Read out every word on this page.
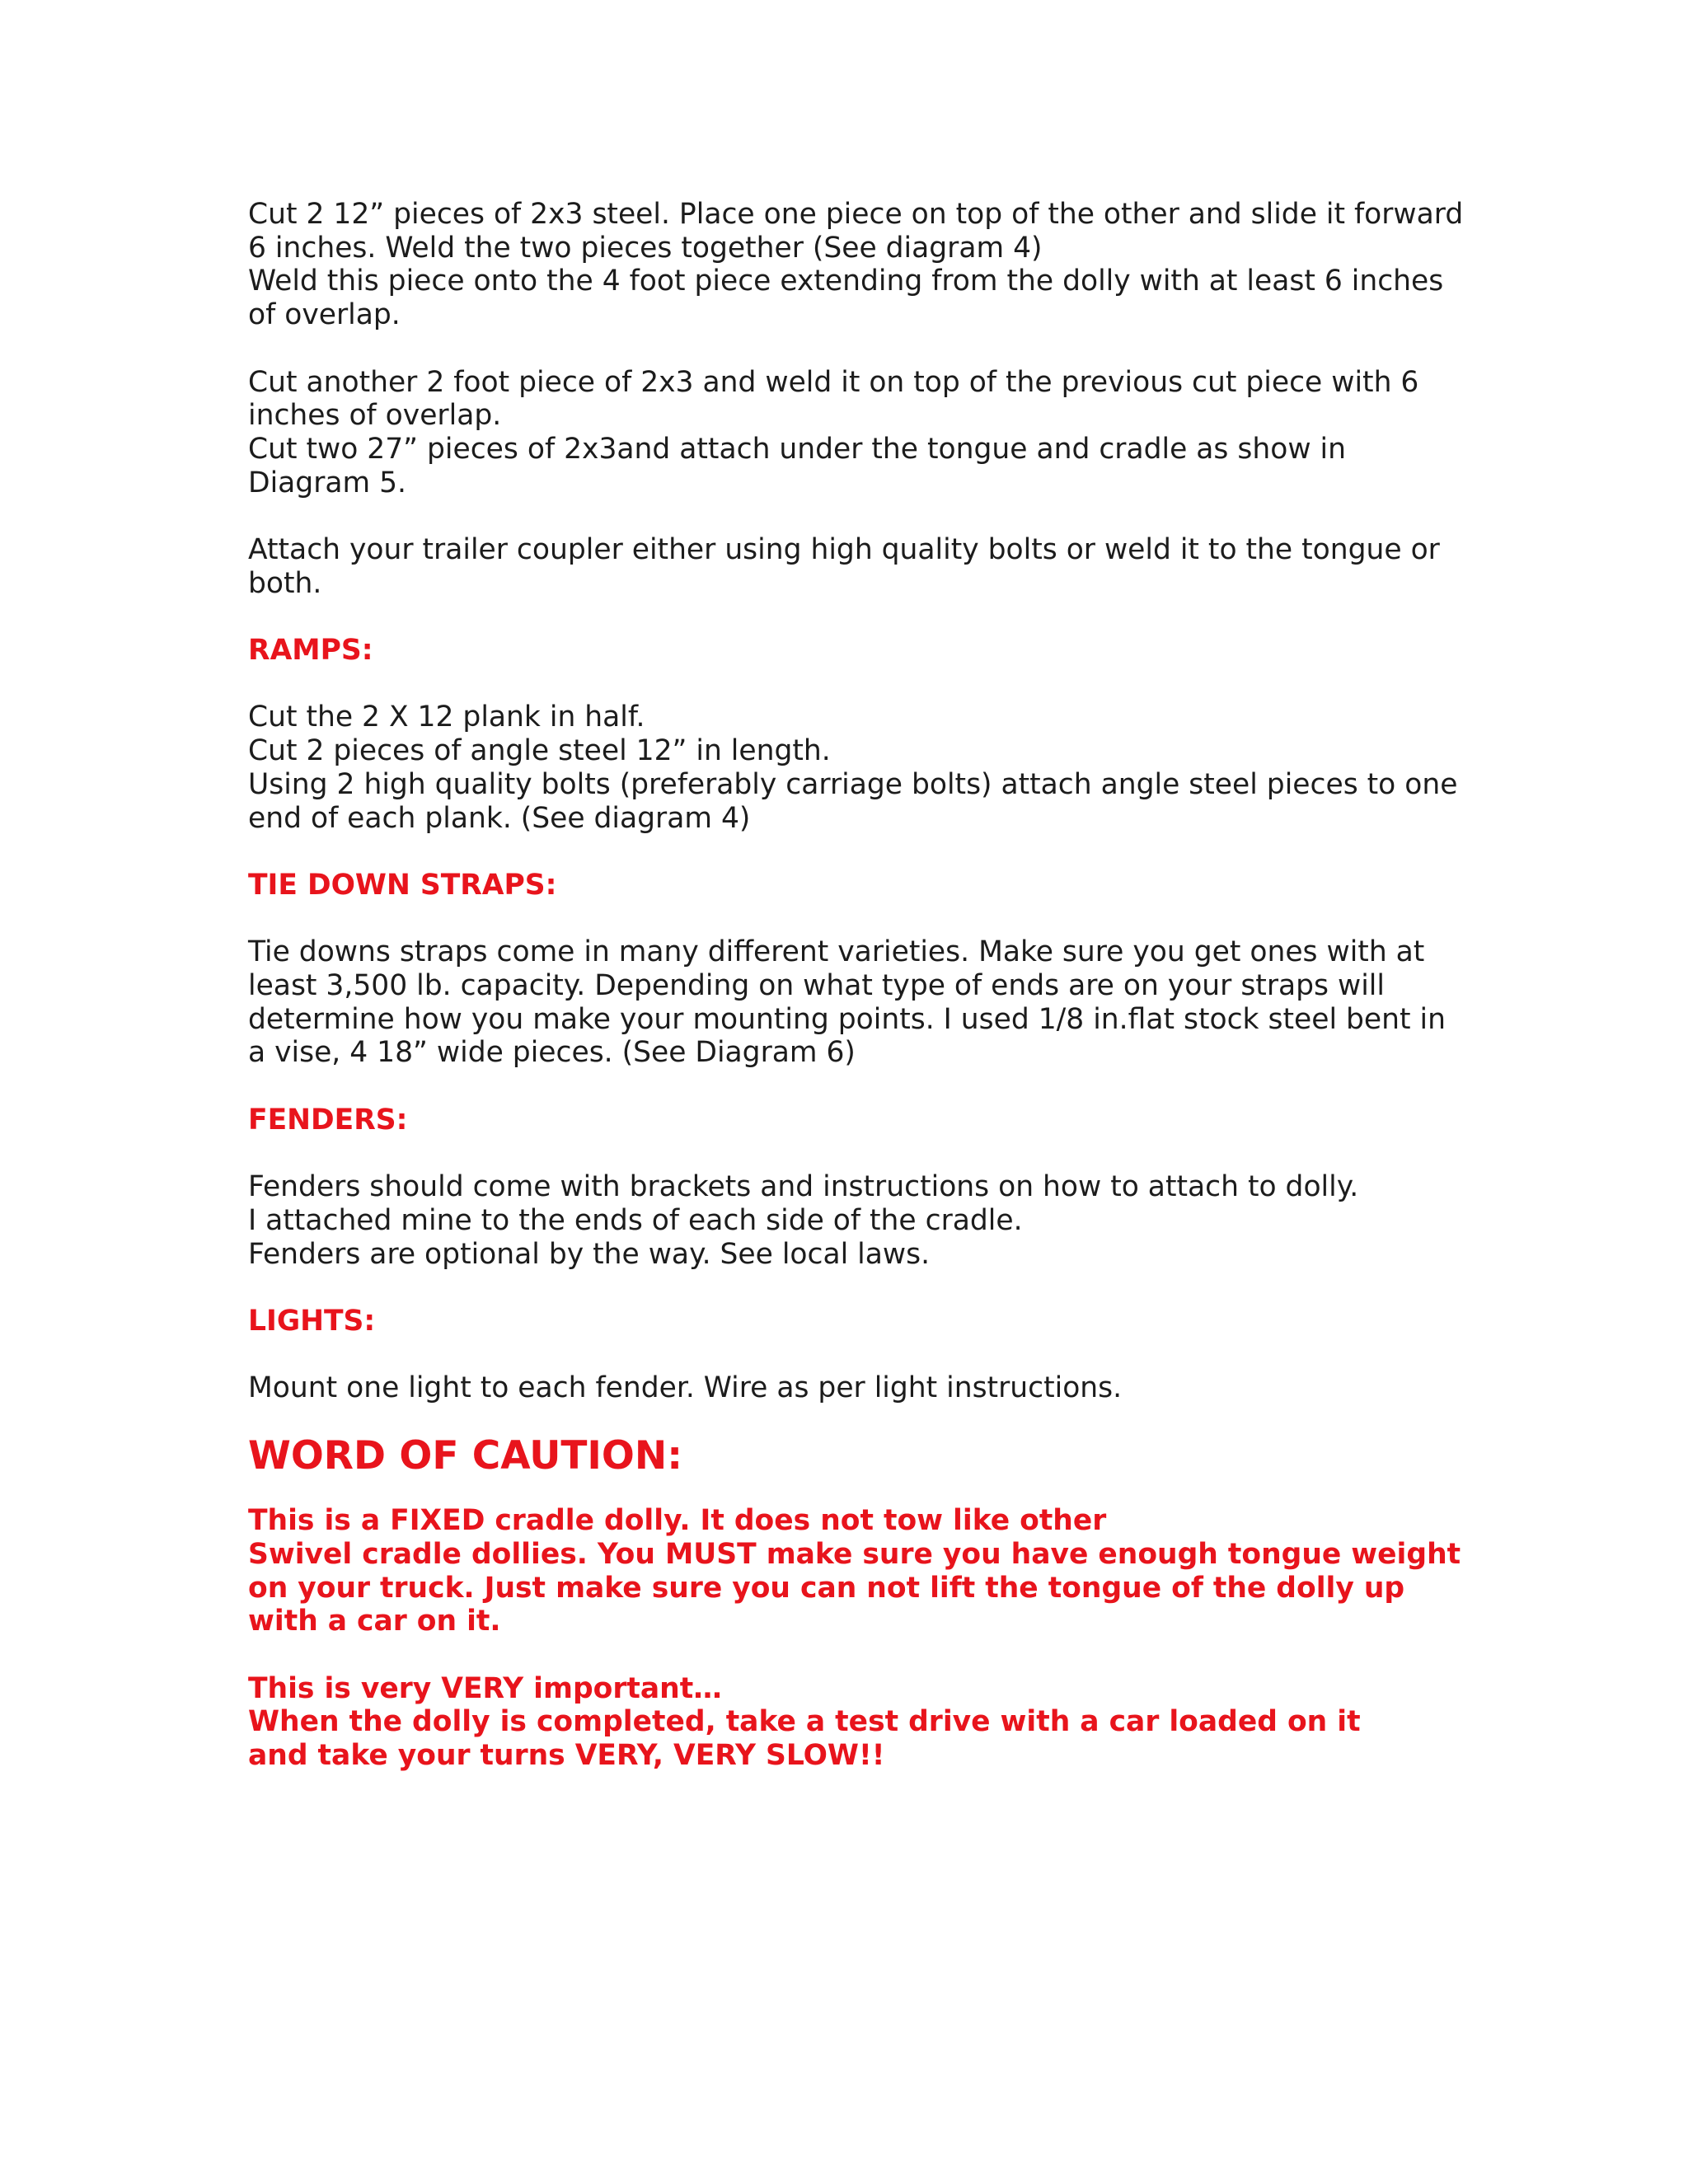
Cut 2 12” pieces of 2x3 steel. Place one piece on top of the other and slide it forward
6 inches. Weld the two pieces together (See diagram 4)
Weld this piece onto the 4 foot piece extending from the dolly with at least 6 inches
of overlap.

Cut another 2 foot piece of 2x3 and weld it on top of the previous cut piece with 6
inches of overlap.
Cut two 27” pieces of 2x3and attach under the tongue and cradle as show in
Diagram 5.

Attach your trailer coupler either using high quality bolts or weld it to the tongue or
both.

RAMPS:

Cut the 2 X 12 plank in half.
Cut 2 pieces of angle steel 12” in length.
Using 2 high quality bolts (preferably carriage bolts) attach angle steel pieces to one
end of each plank. (See diagram 4)

TIE DOWN STRAPS:

Tie downs straps come in many different varieties. Make sure you get ones with at
least 3,500 lb. capacity. Depending on what type of ends are on your straps will
determine how you make your mounting points. I used 1/8 in.flat stock steel bent in
a vise, 4 18” wide pieces. (See Diagram 6)

FENDERS:

Fenders should come with brackets and instructions on how to attach to dolly.
I attached mine to the ends of each side of the cradle.
Fenders are optional by the way. See local laws.

LIGHTS:

Mount one light to each fender. Wire as per light instructions.

WORD OF CAUTION:

This is a FIXED cradle dolly. It does not tow like other
Swivel cradle dollies. You MUST make sure you have enough tongue weight
on your truck. Just make sure you can not lift the tongue of the dolly up
with a car on it.

This is very VERY important…
When the dolly is completed, take a test drive with a car loaded on it
and take your turns VERY, VERY SLOW!!
